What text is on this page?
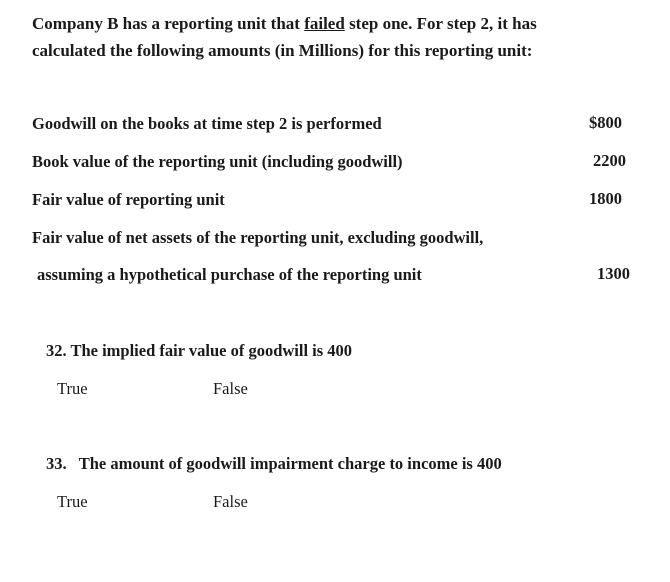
Company B has a reporting unit that failed step one. For step 2, it has
calculated the following amounts (in Millions) for this reporting unit:
Goodwill on the books at time step 2 is performed	$800
Book value of the reporting unit (including goodwill)	2200
Fair value of reporting unit	1800
Fair value of net assets of the reporting unit, excluding goodwill,
assuming a hypothetical purchase of the reporting unit	1300
32. The implied fair value of goodwill is 400
True	False
33. The amount of goodwill impairment charge to income is 400
True	False
